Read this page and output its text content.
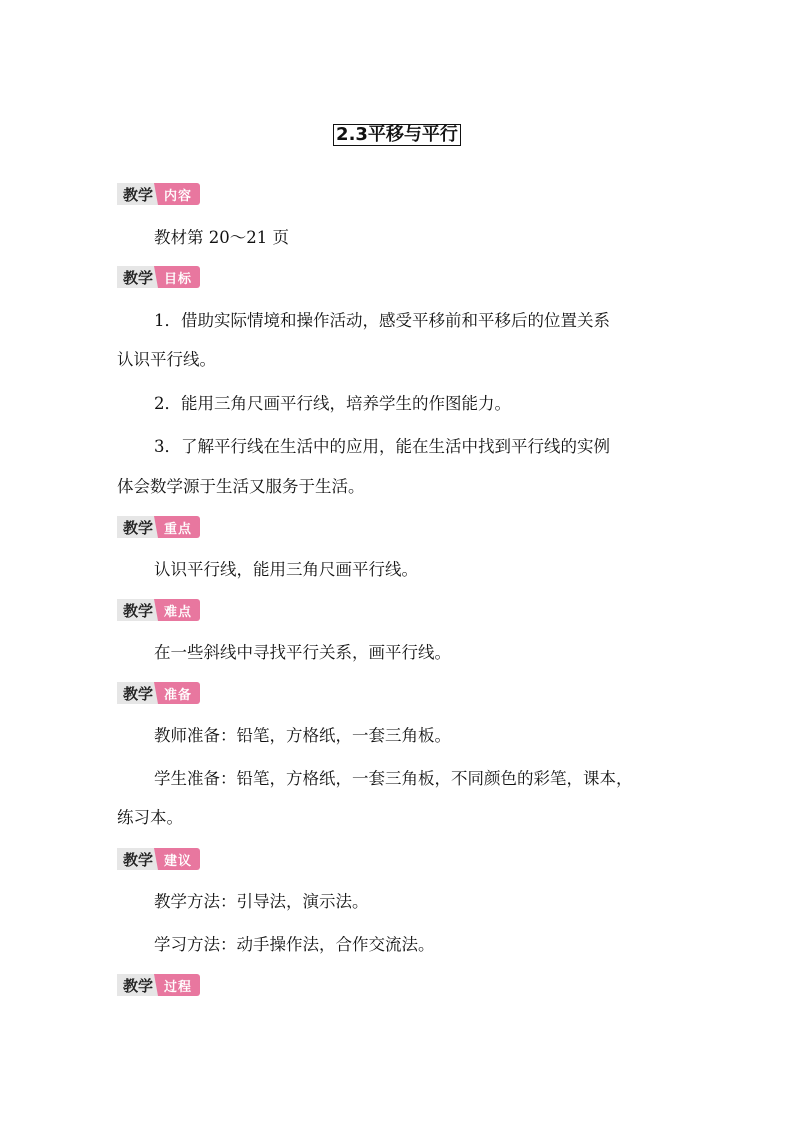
2.3平移与平行
教学 内容
教材第 20～21 页
教学 目标
1．借助实际情境和操作活动，感受平移前和平移后的位置关系
认识平行线。
2．能用三角尺画平行线，培养学生的作图能力。
3．了解平行线在生活中的应用，能在生活中找到平行线的实例
体会数学源于生活又服务于生活。
教学 重点
认识平行线，能用三角尺画平行线。
教学 难点
在一些斜线中寻找平行关系，画平行线。
教学 准备
教师准备：铅笔，方格纸，一套三角板。
学生准备：铅笔，方格纸，一套三角板，不同颜色的彩笔，课本，
练习本。
教学 建议
教学方法：引导法，演示法。
学习方法：动手操作法，合作交流法。
教学 过程
